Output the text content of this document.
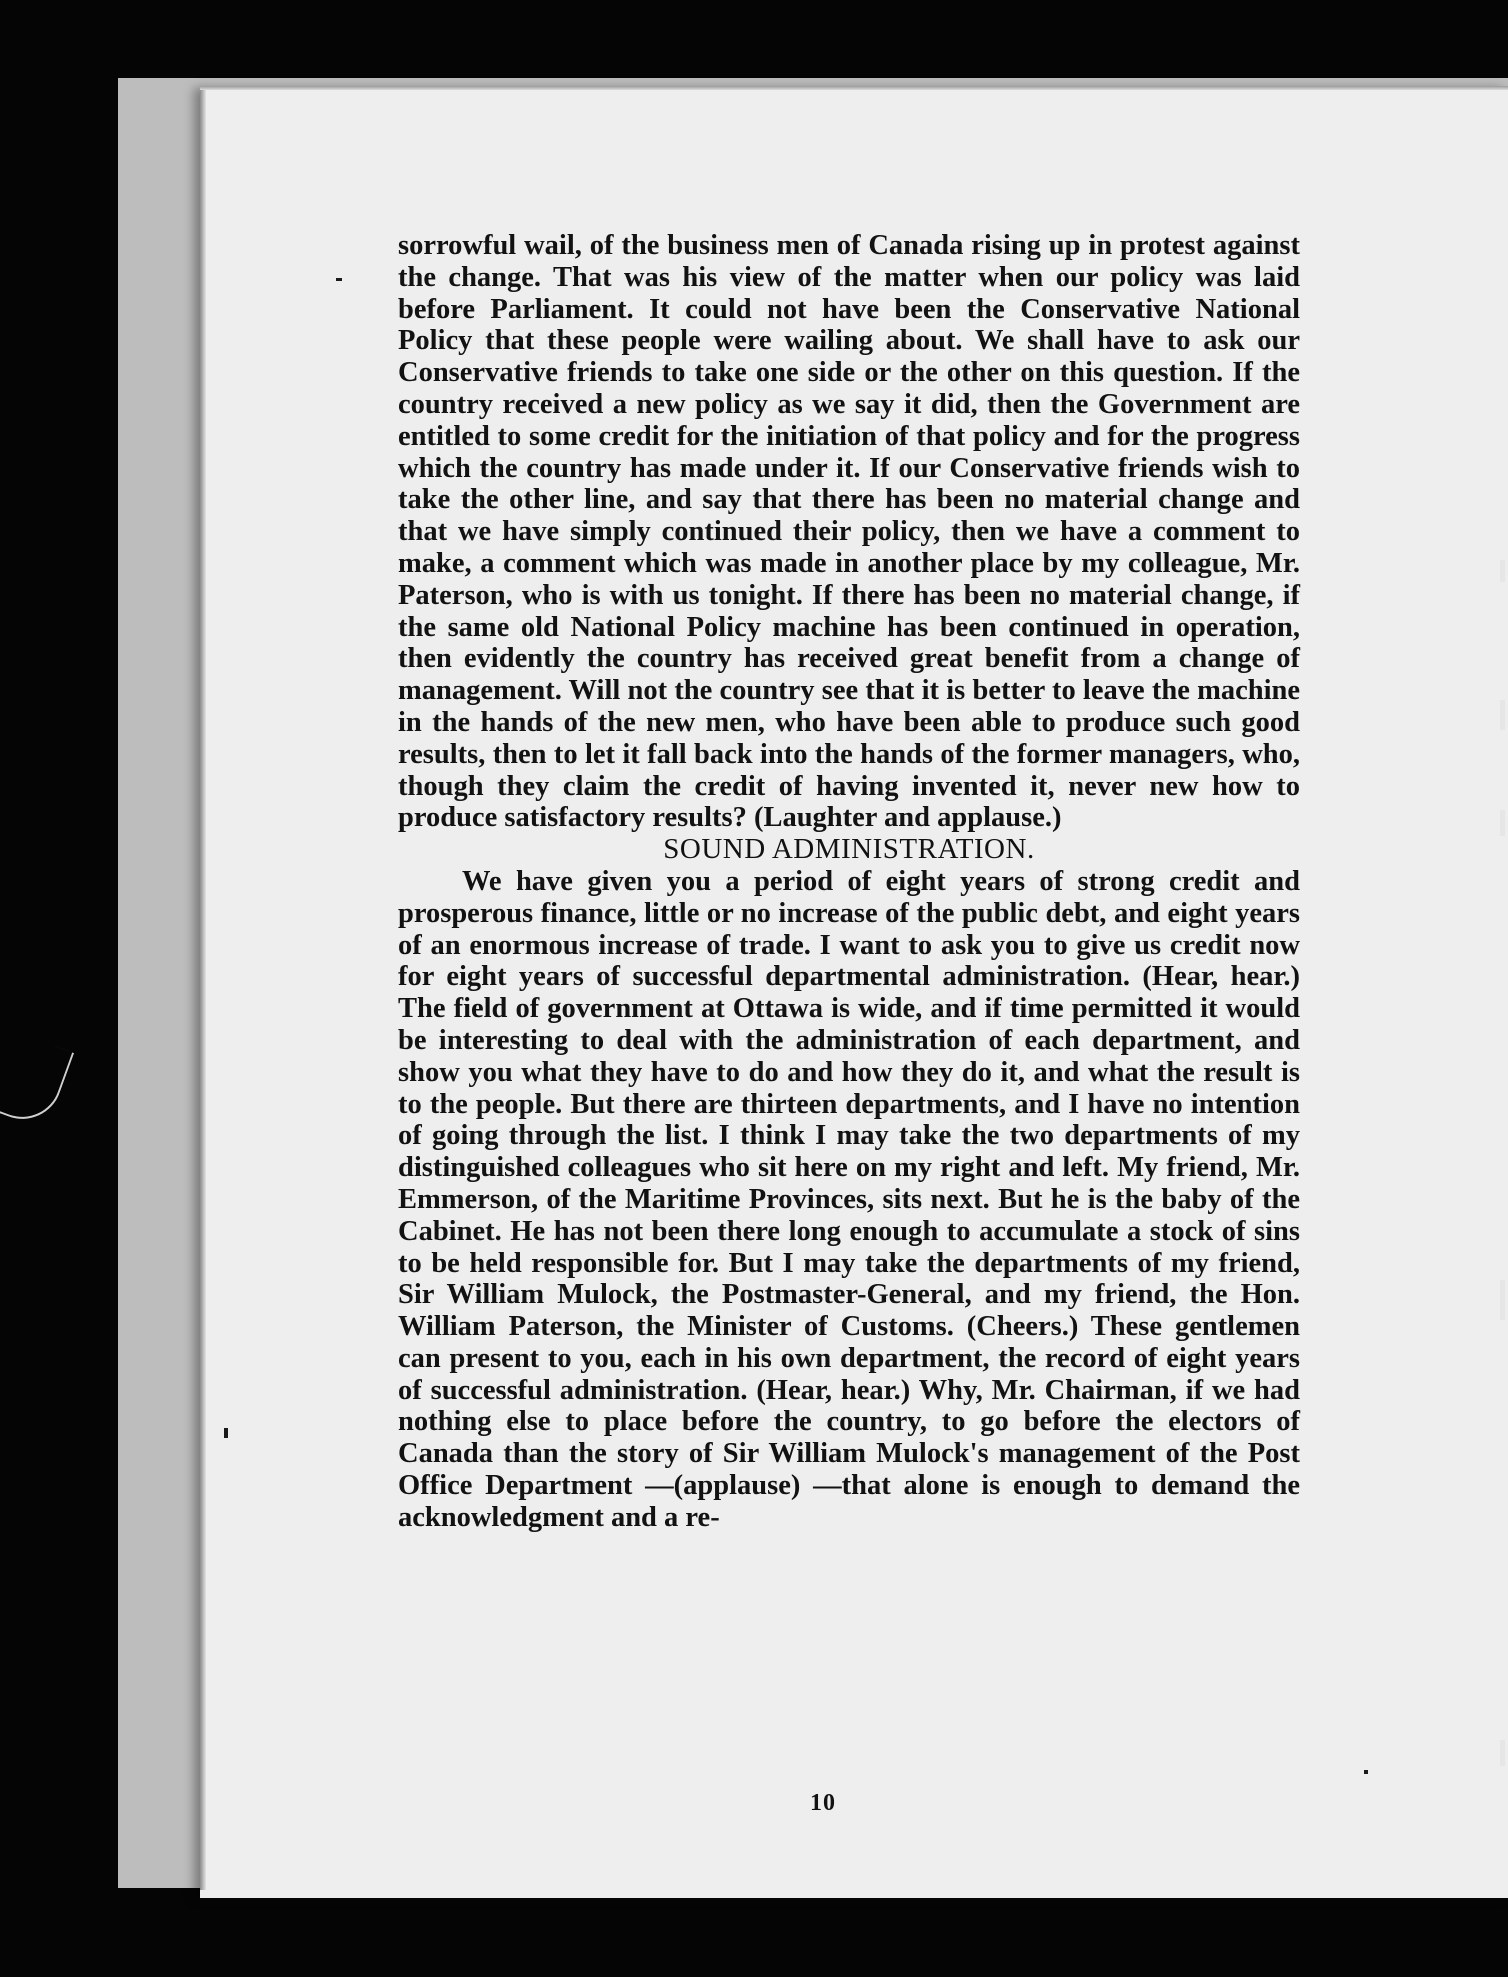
sorrowful wail, of the business men of Canada rising up in protest against the change. That was his view of the matter when our policy was laid before Parliament. It could not have been the Conservative National Policy that these people were wailing about. We shall have to ask our Conservative friends to take one side or the other on this question. If the country received a new policy as we say it did, then the Government are entitled to some credit for the initiation of that policy and for the progress which the country has made under it. If our Conservative friends wish to take the other line, and say that there has been no material change and that we have simply continued their policy, then we have a comment to make, a comment which was made in another place by my colleague, Mr. Paterson, who is with us tonight. If there has been no material change, if the same old National Policy machine has been continued in operation, then evidently the country has received great benefit from a change of management. Will not the country see that it is better to leave the machine in the hands of the new men, who have been able to produce such good results, then to let it fall back into the hands of the former managers, who, though they claim the credit of having invented it, never new how to produce satisfactory results? (Laughter and applause.)

SOUND ADMINISTRATION.

We have given you a period of eight years of strong credit and prosperous finance, little or no increase of the public debt, and eight years of an enormous increase of trade. I want to ask you to give us credit now for eight years of successful departmental administration. (Hear, hear.) The field of government at Ottawa is wide, and if time permitted it would be interesting to deal with the administration of each department, and show you what they have to do and how they do it, and what the result is to the people. But there are thirteen departments, and I have no intention of going through the list. I think I may take the two departments of my distinguished colleagues who sit here on my right and left. My friend, Mr. Emmerson, of the Maritime Provinces, sits next. But he is the baby of the Cabinet. He has not been there long enough to accumulate a stock of sins to be held responsible for. But I may take the departments of my friend, Sir William Mulock, the Postmaster-General, and my friend, the Hon. William Paterson, the Minister of Customs. (Cheers.) These gentlemen can present to you, each in his own department, the record of eight years of successful administration. (Hear, hear.) Why, Mr. Chairman, if we had nothing else to place before the country, to go before the electors of Canada than the story of Sir William Mulock's management of the Post Office Department —(applause) —that alone is enough to demand the acknowledgment and a re-

10
